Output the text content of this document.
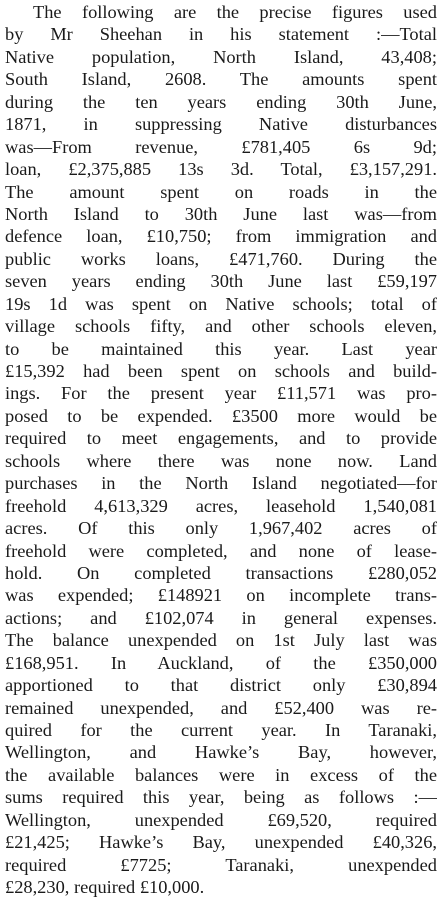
The following are the precise figures used
by Mr Sheehan in his statement :—Total
Native population, North Island, 43,408;
South Island, 2608. The amounts spent
during the ten years ending 30th June,
1871, in suppressing Native disturbances
was—From revenue, £781,405 6s 9d;
loan, £2,375,885 13s 3d. Total, £3,157,291.
The amount spent on roads in the
North Island to 30th June last was—from
defence loan, £10,750; from immigration and
public works loans, £471,760. During the
seven years ending 30th June last £59,197
19s 1d was spent on Native schools; total of
village schools fifty, and other schools eleven,
to be maintained this year. Last year
£15,392 had been spent on schools and build-
ings. For the present year £11,571 was pro-
posed to be expended. £3500 more would be
required to meet engagements, and to provide
schools where there was none now. Land
purchases in the North Island negotiated—for
freehold 4,613,329 acres, leasehold 1,540,081
acres. Of this only 1,967,402 acres of
freehold were completed, and none of lease-
hold. On completed transactions £280,052
was expended; £148921 on incomplete trans-
actions; and £102,074 in general expenses.
The balance unexpended on 1st July last was
£168,951. In Auckland, of the £350,000
apportioned to that district only £30,894
remained unexpended, and £52,400 was re-
quired for the current year. In Taranaki,
Wellington, and Hawke’s Bay, however,
the available balances were in excess of the
sums required this year, being as follows :—
Wellington, unexpended £69,520, required
£21,425; Hawke’s Bay, unexpended £40,326,
required £7725; Taranaki, unexpended
£28,230, required £10,000.
